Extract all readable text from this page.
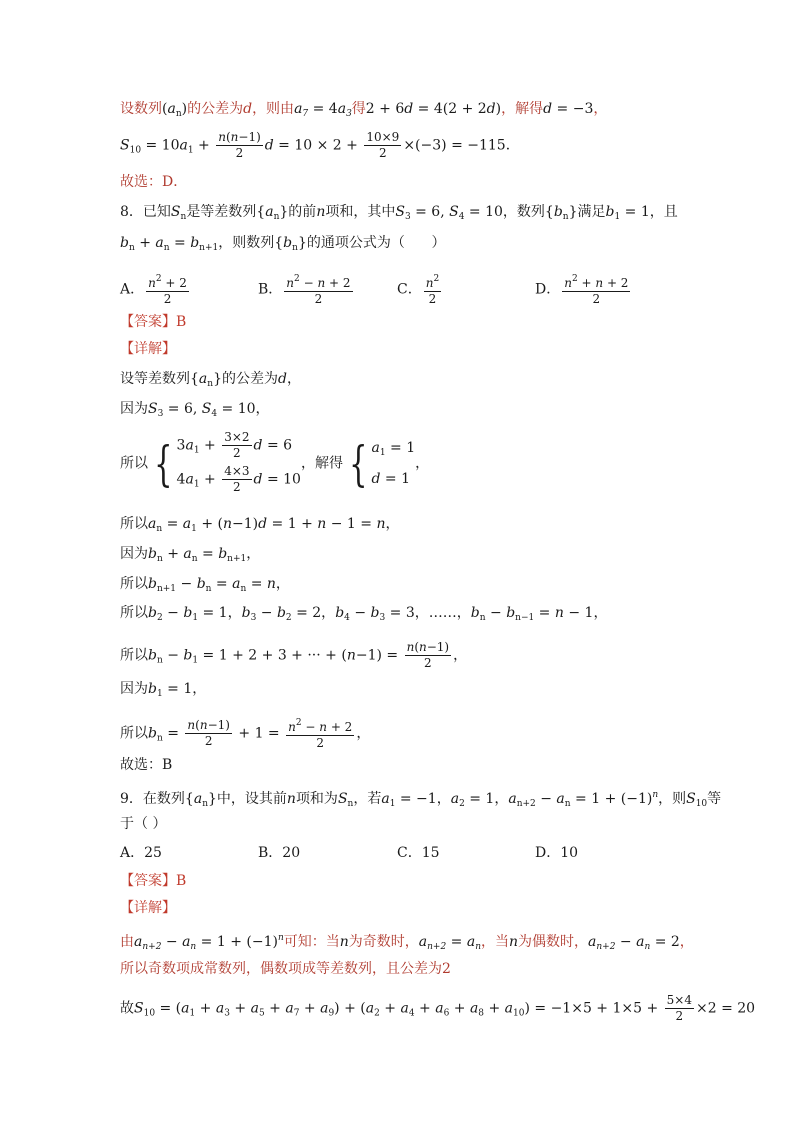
设数列$(a_n)$的公差为d，则由$a_7 = 4a_3$得2 + 6d = 4(2 + 2d)，解得d = −3，
$S_{10} = 10a_1 + \frac{n(n-1)}{2}$ $d = 10 \times 2 + \frac{10\times 9}{2} \times(-3) = -115$．
故选：D．
8．已知$S_n$是等差数列$\{a_n\}$的前n项和，其中$S_3 = 6$, $S_4 = 10$，数列$\{b_n\}$满足$b_1 = 1$，且
$b_n + a_n = b_{n+1}$，则数列$\{b_n\}$的通项公式为（      ）
A． $\frac{n^2 + 2}{2}$	B． $\frac{n^2 - n + 2}{2}$	C． $\frac{n^2}{2}$	D． $\frac{n^2 + n + 2}{2}$
【答案】B
【详解】
设等差数列$\{a_n\}$的公差为d，
因为$S_3 = 6$, $S_4 = 10$，
所以 { $3a_1 + \frac{3\times 2}{2}$ d = 6
$4a_1 + \frac{4\times 3}{2}$ d = 10
，解得 { $a_1 = 1$
d = 1
，
所以$a_n = a_1 + (n-1)d = 1 + n - 1 = n$，
因为$b_n + a_n = b_{n+1}$，
所以$b_{n+1} - b_n = a_n = n$，
所以$b_2 - b_1 = 1$，$b_3 - b_2 = 2$，$b_4 - b_3 = 3$，……，$b_n - b_{n-1} = n - 1$，
所以$b_n - b_1 = 1 + 2 + 3$ + ··· + $(n-1) = \frac{n(n-1)}{2}$ ，
因为$b_1 = 1$，
所以$b_n = \frac{n(n-1)}{2} + 1 = \frac{n^2 - n + 2}{2}$ ，
故选：B
9．在数列$\{a_n\}$中，设其前n项和为$S_n$，若$a_1 = -1$，$a_2 = 1$，$a_{n+2} - a_n = 1 + (-1)^n$，则$S_{10}$等
于（ ）
A．25	B．20	C．15	D．10
【答案】B
【详解】
由$a_{n+2} - a_n = 1 + (-1)^n$可知：当n为奇数时，$a_{n+2} = a_n$，当n为偶数时，$a_{n+2} - a_n = 2$，
所以奇数项成常数列，偶数项成等差数列，且公差为2
故$S_{10} = (a_1 + a_3 + a_5 + a_7 + a_9) + (a_2 + a_4 + a_6 + a_8 + a_{10}) = -1\times 5 + 1\times 5 + \frac{5\times 4}{2} \times 2 = 20$
